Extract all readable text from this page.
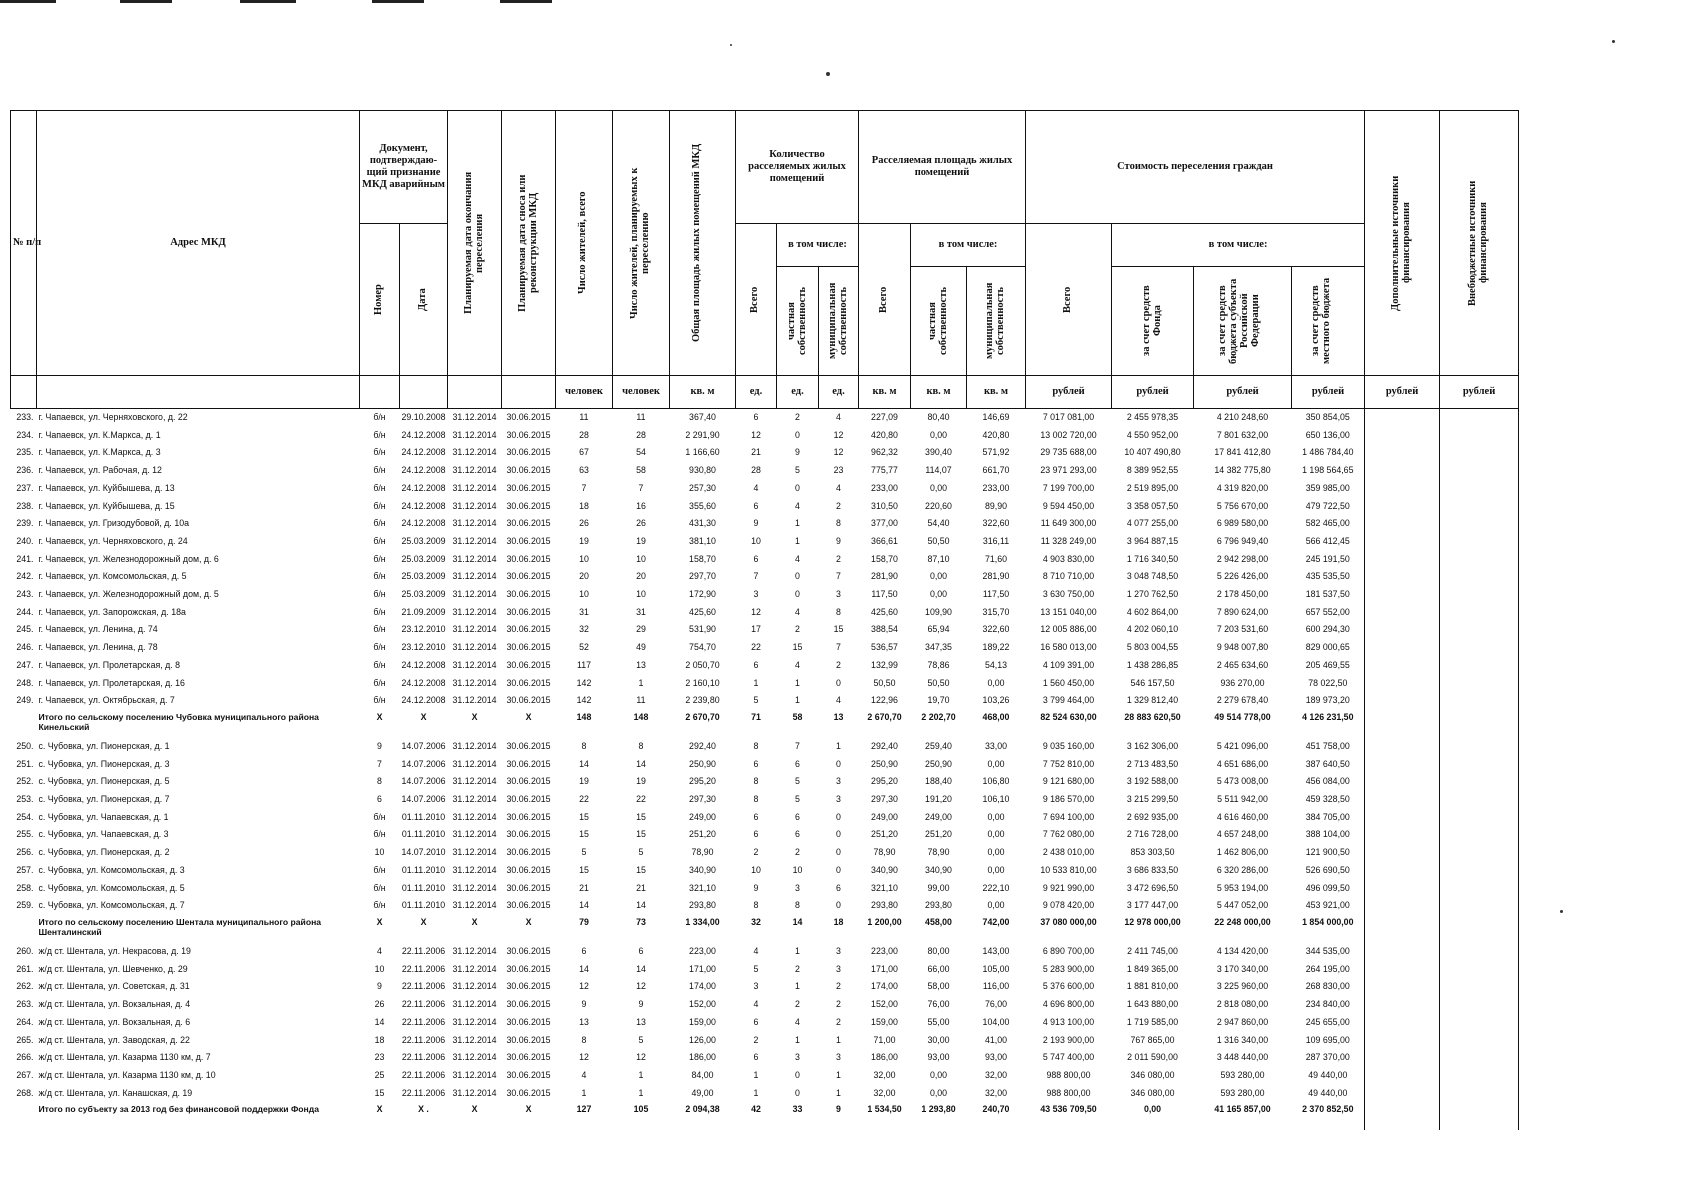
№ п/п	Адрес МКД	Документ, подтверждаю- щий признание МКД аварийным		Планируемая дата окончания переселения	Планируемая дата сноса или реконструкции МКД	Число жителей, всего	Число жителей, планируемых к переселению	Общая площадь жилых помещений МКД	Количество расселяемых жилых помещений			Расселяемая площадь жилых помещений			Стоимость переселения граждан				Дополнительные источники финансирования	Внебюджетные источники финансирования

		Номер	Дата						Всего	в том числе:		Всего	в том числе:		Всего	в том числе:				

										частная собственность	муниципальная собственность		частная собственность	муниципальная собственность		за счет средств Фонда	за счет средств бюджета субъекта Российской Федерации	за счет средств местного бюджета		

						человек	человек	кв. м	ед.	ед.	ед.	кв. м	кв. м	кв. м	рублей	рублей	рублей	рублей	рублей	рублей
233.	г. Чапаевск, ул. Черняховского, д. 22	б/н	29.10.2008	31.12.2014	30.06.2015	11	11	367,40	6	2	4	227,09	80,40	146,69	7 017 081,00	2 455 978,35	4 210 248,60	350 854,05		
234.	г. Чапаевск, ул. К.Маркса, д. 1	б/н	24.12.2008	31.12.2014	30.06.2015	28	28	2 291,90	12	0	12	420,80	0,00	420,80	13 002 720,00	4 550 952,00	7 801 632,00	650 136,00		
235.	г. Чапаевск, ул. К.Маркса, д. 3	б/н	24.12.2008	31.12.2014	30.06.2015	67	54	1 166,60	21	9	12	962,32	390,40	571,92	29 735 688,00	10 407 490,80	17 841 412,80	1 486 784,40		
236.	г. Чапаевск, ул. Рабочая, д. 12	б/н	24.12.2008	31.12.2014	30.06.2015	63	58	930,80	28	5	23	775,77	114,07	661,70	23 971 293,00	8 389 952,55	14 382 775,80	1 198 564,65		
237.	г. Чапаевск, ул. Куйбышева, д. 13	б/н	24.12.2008	31.12.2014	30.06.2015	7	7	257,30	4	0	4	233,00	0,00	233,00	7 199 700,00	2 519 895,00	4 319 820,00	359 985,00		
238.	г. Чапаевск, ул. Куйбышева, д. 15	б/н	24.12.2008	31.12.2014	30.06.2015	18	16	355,60	6	4	2	310,50	220,60	89,90	9 594 450,00	3 358 057,50	5 756 670,00	479 722,50		
239.	г. Чапаевск, ул. Гризодубовой, д. 10а	б/н	24.12.2008	31.12.2014	30.06.2015	26	26	431,30	9	1	8	377,00	54,40	322,60	11 649 300,00	4 077 255,00	6 989 580,00	582 465,00		
240.	г. Чапаевск, ул. Черняховского, д. 24	б/н	25.03.2009	31.12.2014	30.06.2015	19	19	381,10	10	1	9	366,61	50,50	316,11	11 328 249,00	3 964 887,15	6 796 949,40	566 412,45		
241.	г. Чапаевск, ул. Железнодорожный дом, д. 6	б/н	25.03.2009	31.12.2014	30.06.2015	10	10	158,70	6	4	2	158,70	87,10	71,60	4 903 830,00	1 716 340,50	2 942 298,00	245 191,50		
242.	г. Чапаевск, ул. Комсомольская, д. 5	б/н	25.03.2009	31.12.2014	30.06.2015	20	20	297,70	7	0	7	281,90	0,00	281,90	8 710 710,00	3 048 748,50	5 226 426,00	435 535,50		
243.	г. Чапаевск, ул. Железнодорожный дом, д. 5	б/н	25.03.2009	31.12.2014	30.06.2015	10	10	172,90	3	0	3	117,50	0,00	117,50	3 630 750,00	1 270 762,50	2 178 450,00	181 537,50		
244.	г. Чапаевск, ул. Запорожская, д. 18а	б/н	21.09.2009	31.12.2014	30.06.2015	31	31	425,60	12	4	8	425,60	109,90	315,70	13 151 040,00	4 602 864,00	7 890 624,00	657 552,00		
245.	г. Чапаевск, ул. Ленина, д. 74	б/н	23.12.2010	31.12.2014	30.06.2015	32	29	531,90	17	2	15	388,54	65,94	322,60	12 005 886,00	4 202 060,10	7 203 531,60	600 294,30		
246.	г. Чапаевск, ул. Ленина, д. 78	б/н	23.12.2010	31.12.2014	30.06.2015	52	49	754,70	22	15	7	536,57	347,35	189,22	16 580 013,00	5 803 004,55	9 948 007,80	829 000,65		
247.	г. Чапаевск, ул. Пролетарская, д. 8	б/н	24.12.2008	31.12.2014	30.06.2015	117	13	2 050,70	6	4	2	132,99	78,86	54,13	4 109 391,00	1 438 286,85	2 465 634,60	205 469,55		
248.	г. Чапаевск, ул. Пролетарская, д. 16	б/н	24.12.2008	31.12.2014	30.06.2015	142	1	2 160,10	1	1	0	50,50	50,50	0,00	1 560 450,00	546 157,50	936 270,00	78 022,50		
249.	г. Чапаевск, ул. Октябрьская, д. 7	б/н	24.12.2008	31.12.2014	30.06.2015	142	11	2 239,80	5	1	4	122,96	19,70	103,26	3 799 464,00	1 329 812,40	2 279 678,40	189 973,20		
	Итого по сельскому поселению Чубовка муниципального района Кинельский	X	X	X	X	148	148	2 670,70	71	58	13	2 670,70	2 202,70	468,00	82 524 630,00	28 883 620,50	49 514 778,00	4 126 231,50		
250.	с. Чубовка, ул. Пионерская, д. 1	9	14.07.2006	31.12.2014	30.06.2015	8	8	292,40	8	7	1	292,40	259,40	33,00	9 035 160,00	3 162 306,00	5 421 096,00	451 758,00		
251.	с. Чубовка, ул. Пионерская, д. 3	7	14.07.2006	31.12.2014	30.06.2015	14	14	250,90	6	6	0	250,90	250,90	0,00	7 752 810,00	2 713 483,50	4 651 686,00	387 640,50		
252.	с. Чубовка, ул. Пионерская, д. 5	8	14.07.2006	31.12.2014	30.06.2015	19	19	295,20	8	5	3	295,20	188,40	106,80	9 121 680,00	3 192 588,00	5 473 008,00	456 084,00		
253.	с. Чубовка, ул. Пионерская, д. 7	6	14.07.2006	31.12.2014	30.06.2015	22	22	297,30	8	5	3	297,30	191,20	106,10	9 186 570,00	3 215 299,50	5 511 942,00	459 328,50		
254.	с. Чубовка, ул. Чапаевская, д. 1	б/н	01.11.2010	31.12.2014	30.06.2015	15	15	249,00	6	6	0	249,00	249,00	0,00	7 694 100,00	2 692 935,00	4 616 460,00	384 705,00		
255.	с. Чубовка, ул. Чапаевская, д. 3	б/н	01.11.2010	31.12.2014	30.06.2015	15	15	251,20	6	6	0	251,20	251,20	0,00	7 762 080,00	2 716 728,00	4 657 248,00	388 104,00		
256.	с. Чубовка, ул. Пионерская, д. 2	10	14.07.2010	31.12.2014	30.06.2015	5	5	78,90	2	2	0	78,90	78,90	0,00	2 438 010,00	853 303,50	1 462 806,00	121 900,50		
257.	с. Чубовка, ул. Комсомольская, д. 3	б/н	01.11.2010	31.12.2014	30.06.2015	15	15	340,90	10	10	0	340,90	340,90	0,00	10 533 810,00	3 686 833,50	6 320 286,00	526 690,50		
258.	с. Чубовка, ул. Комсомольская, д. 5	б/н	01.11.2010	31.12.2014	30.06.2015	21	21	321,10	9	3	6	321,10	99,00	222,10	9 921 990,00	3 472 696,50	5 953 194,00	496 099,50		
259.	с. Чубовка, ул. Комсомольская, д. 7	б/н	01.11.2010	31.12.2014	30.06.2015	14	14	293,80	8	8	0	293,80	293,80	0,00	9 078 420,00	3 177 447,00	5 447 052,00	453 921,00		
	Итого по сельскому поселению Шентала муниципального района Шенталинский	X	X	X	X	79	73	1 334,00	32	14	18	1 200,00	458,00	742,00	37 080 000,00	12 978 000,00	22 248 000,00	1 854 000,00		
260.	ж/д ст. Шентала, ул. Некрасова, д. 19	4	22.11.2006	31.12.2014	30.06.2015	6	6	223,00	4	1	3	223,00	80,00	143,00	6 890 700,00	2 411 745,00	4 134 420,00	344 535,00		
261.	ж/д ст. Шентала, ул. Шевченко, д. 29	10	22.11.2006	31.12.2014	30.06.2015	14	14	171,00	5	2	3	171,00	66,00	105,00	5 283 900,00	1 849 365,00	3 170 340,00	264 195,00		
262.	ж/д ст. Шентала, ул. Советская, д. 31	9	22.11.2006	31.12.2014	30.06.2015	12	12	174,00	3	1	2	174,00	58,00	116,00	5 376 600,00	1 881 810,00	3 225 960,00	268 830,00		
263.	ж/д ст. Шентала, ул. Вокзальная, д. 4	26	22.11.2006	31.12.2014	30.06.2015	9	9	152,00	4	2	2	152,00	76,00	76,00	4 696 800,00	1 643 880,00	2 818 080,00	234 840,00		
264.	ж/д ст. Шентала, ул. Вокзальная, д. 6	14	22.11.2006	31.12.2014	30.06.2015	13	13	159,00	6	4	2	159,00	55,00	104,00	4 913 100,00	1 719 585,00	2 947 860,00	245 655,00		
265.	ж/д ст. Шентала, ул. Заводская, д. 22	18	22.11.2006	31.12.2014	30.06.2015	8	5	126,00	2	1	1	71,00	30,00	41,00	2 193 900,00	767 865,00	1 316 340,00	109 695,00		
266.	ж/д ст. Шентала, ул. Казарма 1130 км, д. 7	23	22.11.2006	31.12.2014	30.06.2015	12	12	186,00	6	3	3	186,00	93,00	93,00	5 747 400,00	2 011 590,00	3 448 440,00	287 370,00		
267.	ж/д ст. Шентала, ул. Казарма 1130 км, д. 10	25	22.11.2006	31.12.2014	30.06.2015	4	1	84,00	1	0	1	32,00	0,00	32,00	988 800,00	346 080,00	593 280,00	49 440,00		
268.	ж/д ст. Шентала, ул. Канашская, д. 19	15	22.11.2006	31.12.2014	30.06.2015	1	1	49,00	1	0	1	32,00	0,00	32,00	988 800,00	346 080,00	593 280,00	49 440,00		
	Итого по субъекту за 2013 год без финансовой поддержки Фонда	X	X .	X	X	127	105	2 094,38	42	33	9	1 534,50	1 293,80	240,70	43 536 709,50	0,00	41 165 857,00	2 370 852,50		
